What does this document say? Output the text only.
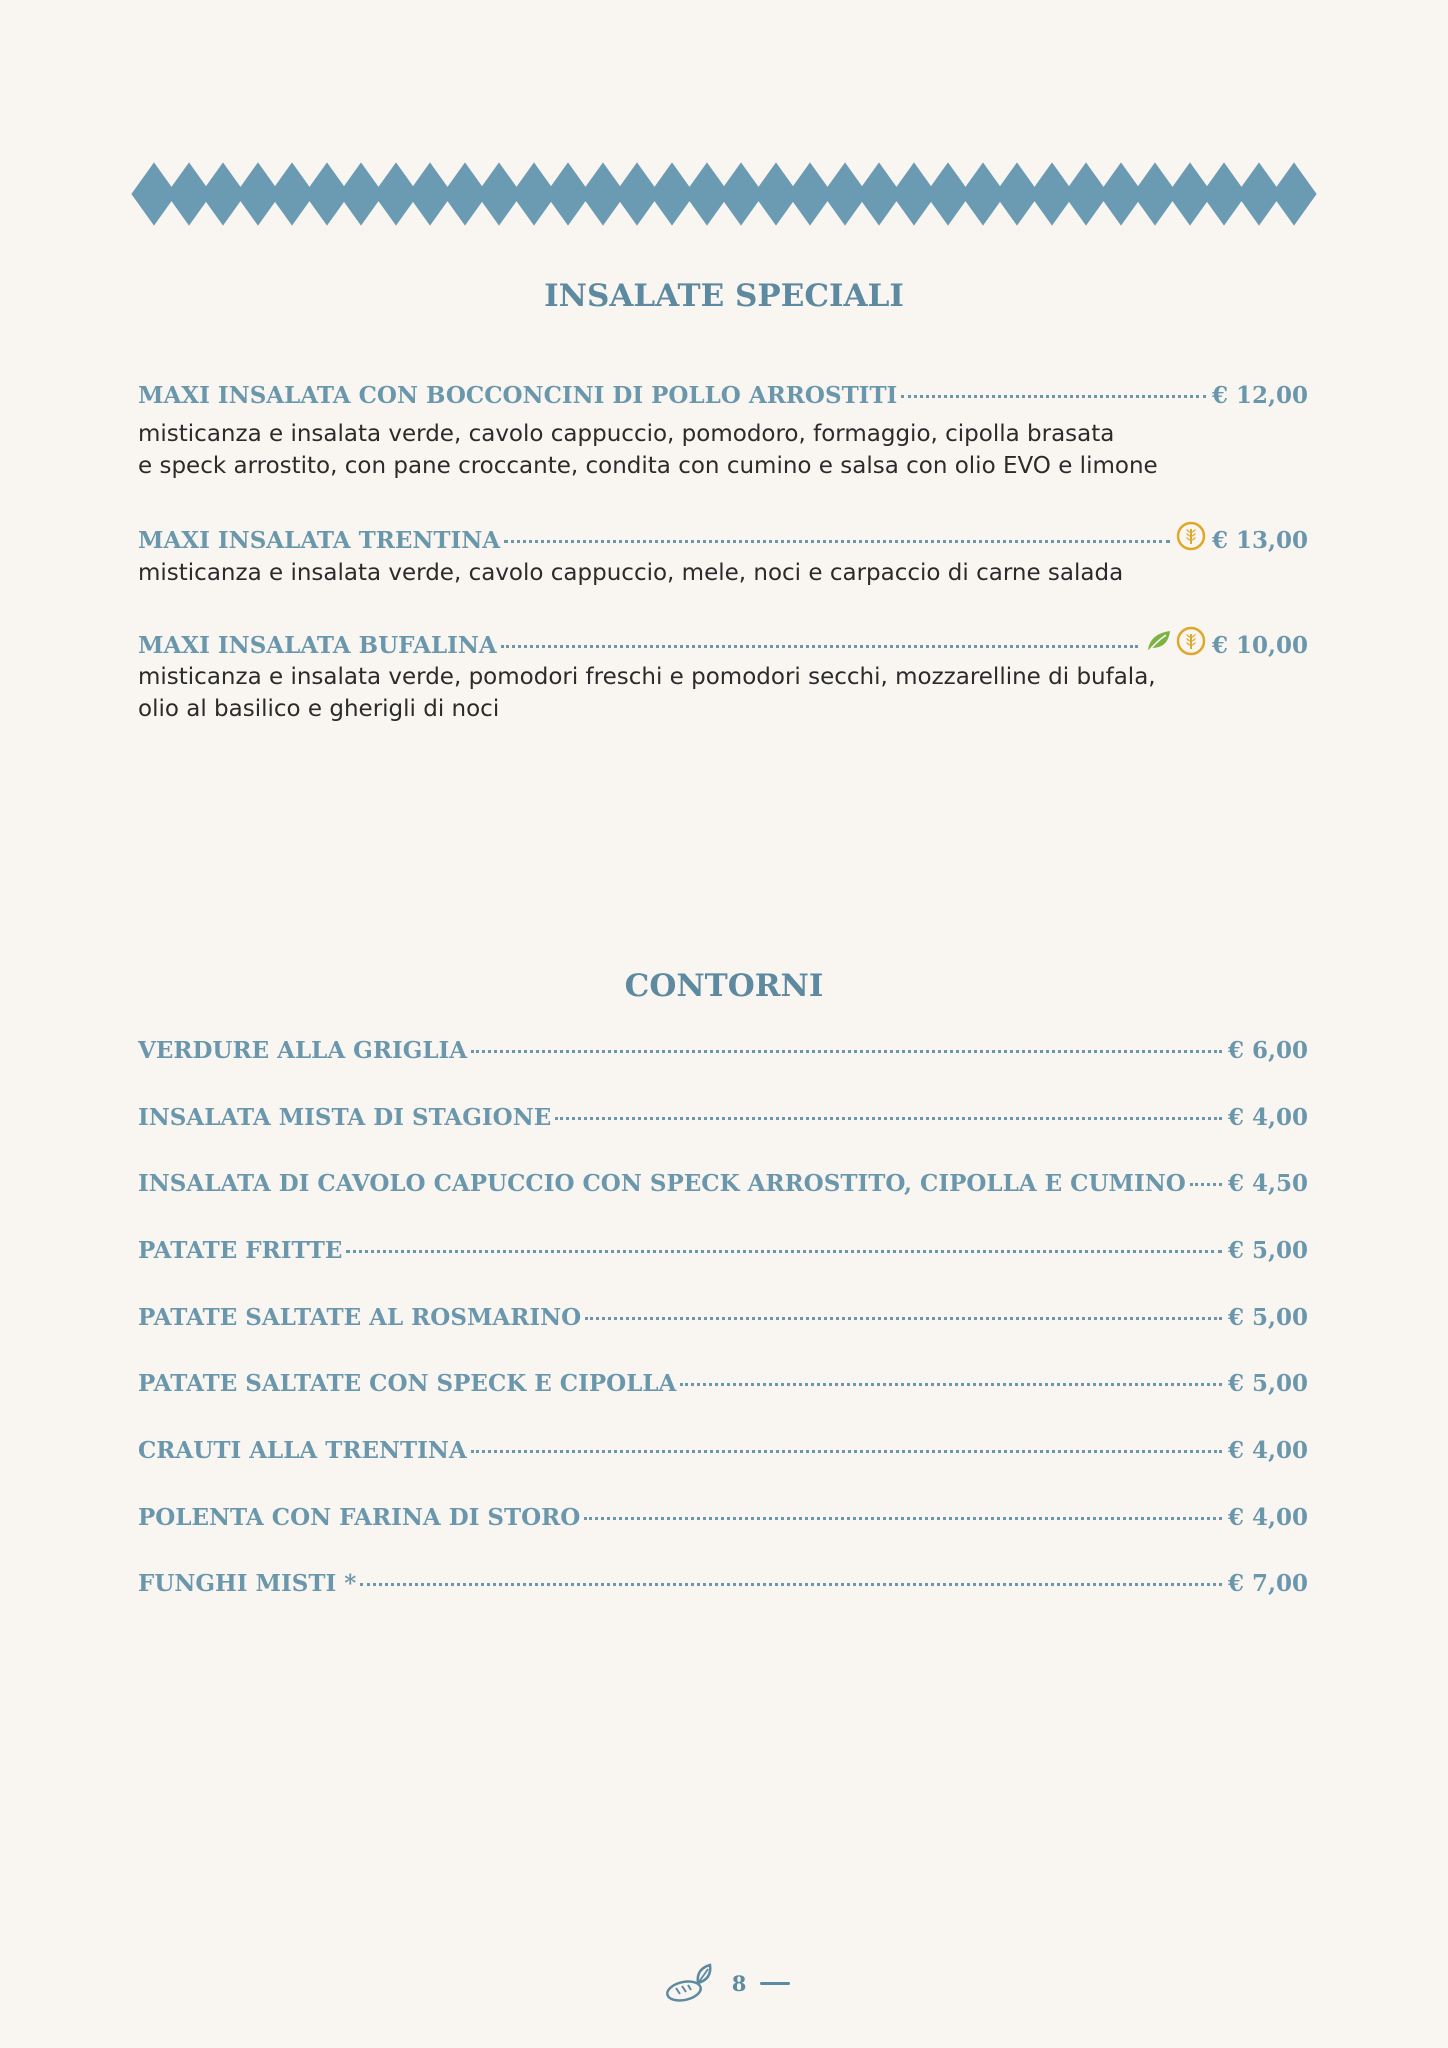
INSALATE SPECIALI
MAXI INSALATA CON BOCCONCINI DI POLLO ARROSTITI	€ 12,00

misticanza e insalata verde, cavolo cappuccio, pomodoro, formaggio, cipolla brasata

e speck arrostito, con pane croccante, condita con cumino e salsa con olio EVO e limone

MAXI INSALATA TRENTINA	€ 13,00

misticanza e insalata verde, cavolo cappuccio, mele, noci e carpaccio di carne salada

MAXI INSALATA BUFALINA	€ 10,00

misticanza e insalata verde, pomodori freschi e pomodori secchi, mozzarelline di bufala,

olio al basilico e gherigli di noci

CONTORNI
VERDURE ALLA GRIGLIA	€ 6,00
INSALATA MISTA DI STAGIONE	€ 4,00
INSALATA DI CAVOLO CAPUCCIO CON SPECK ARROSTITO, CIPOLLA E CUMINO € 4,50
PATATE FRITTE	€ 5,00
PATATE SALTATE AL ROSMARINO	€ 5,00
PATATE SALTATE CON SPECK E CIPOLLA	€ 5,00
CRAUTI ALLA TRENTINA	€ 4,00
POLENTA CON FARINA DI STORO	€ 4,00
FUNGHI MISTI *	€ 7,00
8
